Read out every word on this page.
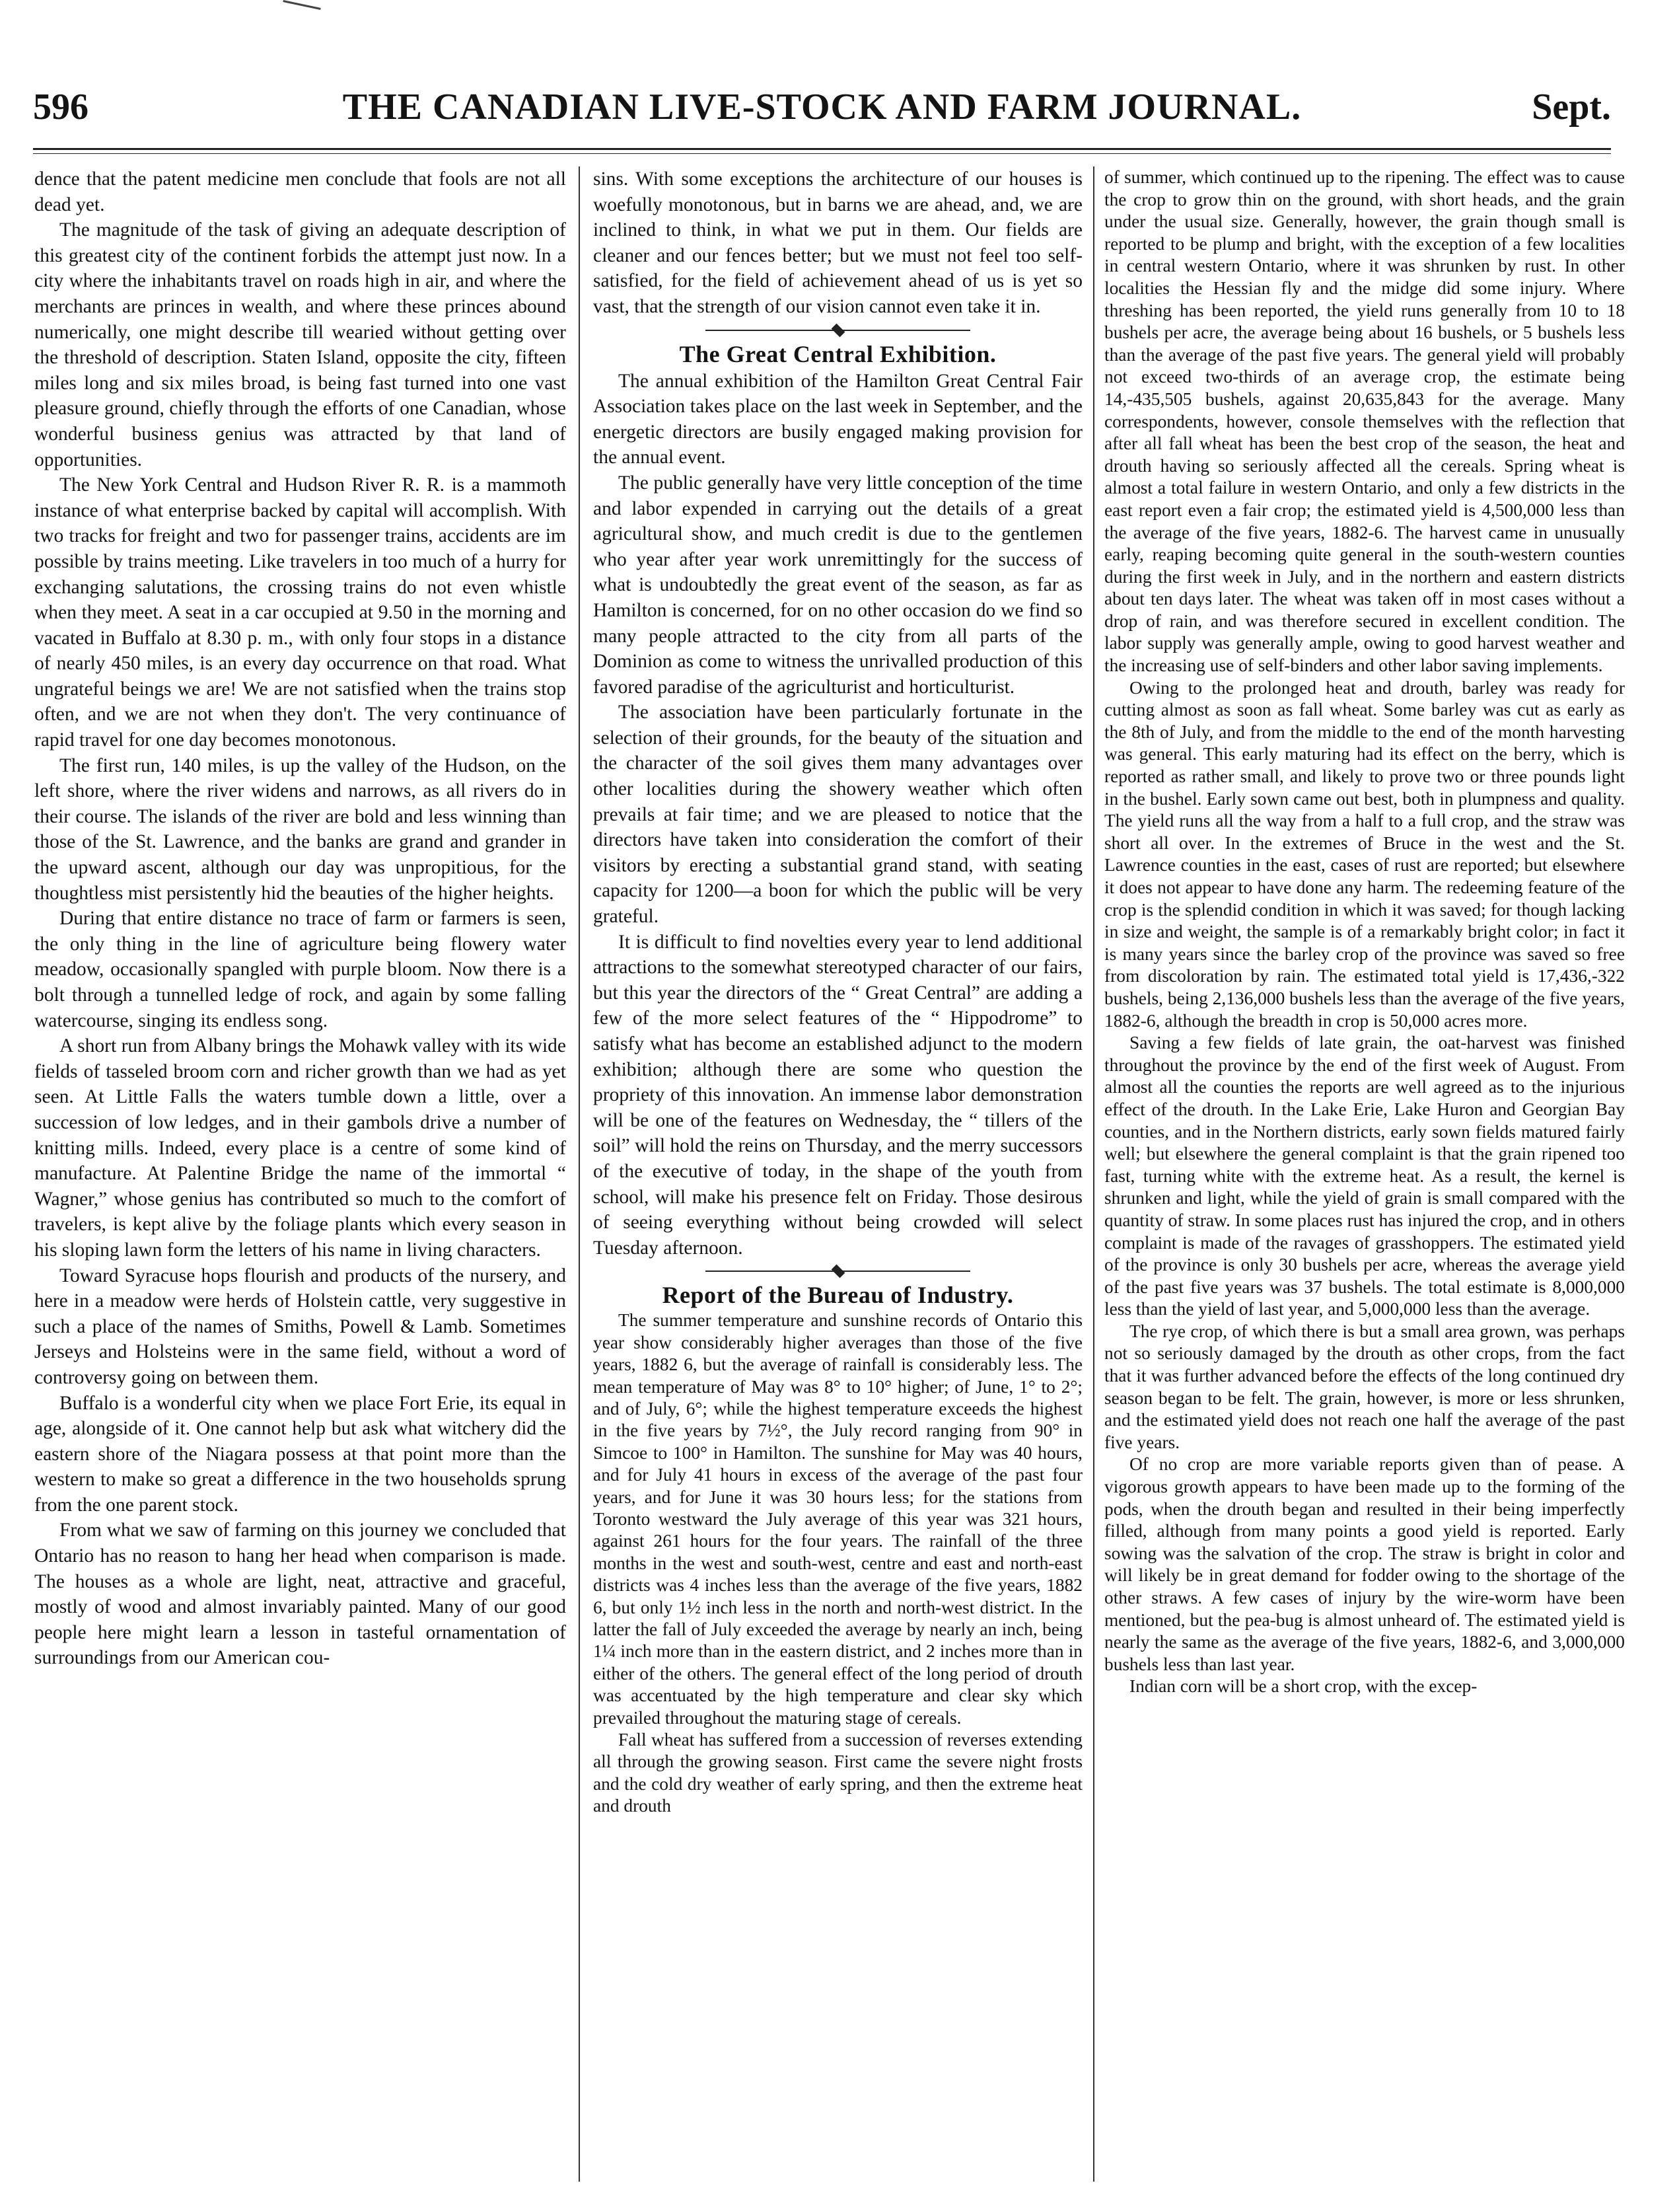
THE CANADIAN LIVE-STOCK AND FARM JOURNAL.
596	Sept.

dence that the patent medicine men conclude that fools are not all dead yet.

The magnitude of the task of giving an adequate description of this greatest city of the continent forbids the attempt just now. In a city where the inhabitants travel on roads high in air, and where the merchants are princes in wealth, and where these princes abound numerically, one might describe till wearied without getting over the threshold of description. Staten Island, opposite the city, fifteen miles long and six miles broad, is being fast turned into one vast pleasure ground, chiefly through the efforts of one Canadian, whose wonderful business genius was attracted by that land of opportunities.

The New York Central and Hudson River R. R. is a mammoth instance of what enterprise backed by capital will accomplish. With two tracks for freight and two for passenger trains, accidents are im possible by trains meeting. Like travelers in too much of a hurry for exchanging salutations, the crossing trains do not even whistle when they meet. A seat in a car occupied at 9.50 in the morning and vacated in Buffalo at 8.30 p. m., with only four stops in a distance of nearly 450 miles, is an every day occurrence on that road. What ungrateful beings we are! We are not satisfied when the trains stop often, and we are not when they don't. The very continuance of rapid travel for one day becomes monotonous.

The first run, 140 miles, is up the valley of the Hudson, on the left shore, where the river widens and narrows, as all rivers do in their course. The islands of the river are bold and less winning than those of the St. Lawrence, and the banks are grand and grander in the upward ascent, although our day was unpropitious, for the thoughtless mist persistently hid the beauties of the higher heights.

During that entire distance no trace of farm or farmers is seen, the only thing in the line of agriculture being flowery water meadow, occasionally spangled with purple bloom. Now there is a bolt through a tunnelled ledge of rock, and again by some falling watercourse, singing its endless song.

A short run from Albany brings the Mohawk valley with its wide fields of tasseled broom corn and richer growth than we had as yet seen. At Little Falls the waters tumble down a little, over a succession of low ledges, and in their gambols drive a number of knitting mills. Indeed, every place is a centre of some kind of manufacture. At Palentine Bridge the name of the immortal “ Wagner,” whose genius has contributed so much to the comfort of travelers, is kept alive by the foliage plants which every season in his sloping lawn form the letters of his name in living characters.

Toward Syracuse hops flourish and products of the nursery, and here in a meadow were herds of Holstein cattle, very suggestive in such a place of the names of Smiths, Powell & Lamb. Sometimes Jerseys and Holsteins were in the same field, without a word of controversy going on between them.

Buffalo is a wonderful city when we place Fort Erie, its equal in age, alongside of it. One cannot help but ask what witchery did the eastern shore of the Niagara possess at that point more than the western to make so great a difference in the two households sprung from the one parent stock.

From what we saw of farming on this journey we concluded that Ontario has no reason to hang her head when comparison is made. The houses as a whole are light, neat, attractive and graceful, mostly of wood and almost invariably painted. Many of our good people here might learn a lesson in tasteful ornamentation of surroundings from our American cou-

sins. With some exceptions the architecture of our houses is woefully monotonous, but in barns we are ahead, and, we are inclined to think, in what we put in them. Our fields are cleaner and our fences better; but we must not feel too self-satisfied, for the field of achievement ahead of us is yet so vast, that the strength of our vision cannot even take it in.

The Great Central Exhibition.

The annual exhibition of the Hamilton Great Central Fair Association takes place on the last week in September, and the energetic directors are busily engaged making provision for the annual event.

The public generally have very little conception of the time and labor expended in carrying out the details of a great agricultural show, and much credit is due to the gentlemen who year after year work unremittingly for the success of what is undoubtedly the great event of the season, as far as Hamilton is concerned, for on no other occasion do we find so many people attracted to the city from all parts of the Dominion as come to witness the unrivalled production of this favored paradise of the agriculturist and horticulturist.

The association have been particularly fortunate in the selection of their grounds, for the beauty of the situation and the character of the soil gives them many advantages over other localities during the showery weather which often prevails at fair time; and we are pleased to notice that the directors have taken into consideration the comfort of their visitors by erecting a substantial grand stand, with seating capacity for 1200—a boon for which the public will be very grateful.

It is difficult to find novelties every year to lend additional attractions to the somewhat stereotyped character of our fairs, but this year the directors of the “ Great Central” are adding a few of the more select features of the “ Hippodrome” to satisfy what has become an established adjunct to the modern exhibition; although there are some who question the propriety of this innovation. An immense labor demonstration will be one of the features on Wednesday, the “ tillers of the soil” will hold the reins on Thursday, and the merry successors of the executive of today, in the shape of the youth from school, will make his presence felt on Friday. Those desirous of seeing everything without being crowded will select Tuesday afternoon.

Report of the Bureau of Industry.

The summer temperature and sunshine records of Ontario this year show considerably higher averages than those of the five years, 1882 6, but the average of rainfall is considerably less. The mean temperature of May was 8° to 10° higher; of June, 1° to 2°; and of July, 6°; while the highest temperature exceeds the highest in the five years by 7½°, the July record ranging from 90° in Simcoe to 100° in Hamilton. The sunshine for May was 40 hours, and for July 41 hours in excess of the average of the past four years, and for June it was 30 hours less; for the stations from Toronto westward the July average of this year was 321 hours, against 261 hours for the four years. The rainfall of the three months in the west and south-west, centre and east and north-east districts was 4 inches less than the average of the five years, 1882 6, but only 1½ inch less in the north and north-west district. In the latter the fall of July exceeded the average by nearly an inch, being 1¼ inch more than in the eastern district, and 2 inches more than in either of the others. The general effect of the long period of drouth was accentuated by the high temperature and clear sky which prevailed throughout the maturing stage of cereals.

Fall wheat has suffered from a succession of reverses extending all through the growing season. First came the severe night frosts and the cold dry weather of early spring, and then the extreme heat and drouth

of summer, which continued up to the ripening. The effect was to cause the crop to grow thin on the ground, with short heads, and the grain under the usual size. Generally, however, the grain though small is reported to be plump and bright, with the exception of a few localities in central western Ontario, where it was shrunken by rust. In other localities the Hessian fly and the midge did some injury. Where threshing has been reported, the yield runs generally from 10 to 18 bushels per acre, the average being about 16 bushels, or 5 bushels less than the average of the past five years. The general yield will probably not exceed two-thirds of an average crop, the estimate being 14,-435,505 bushels, against 20,635,843 for the average. Many correspondents, however, console themselves with the reflection that after all fall wheat has been the best crop of the season, the heat and drouth having so seriously affected all the cereals. Spring wheat is almost a total failure in western Ontario, and only a few districts in the east report even a fair crop; the estimated yield is 4,500,000 less than the average of the five years, 1882-6. The harvest came in unusually early, reaping becoming quite general in the south-western counties during the first week in July, and in the northern and eastern districts about ten days later. The wheat was taken off in most cases without a drop of rain, and was therefore secured in excellent condition. The labor supply was generally ample, owing to good harvest weather and the increasing use of self-binders and other labor saving implements.

Owing to the prolonged heat and drouth, barley was ready for cutting almost as soon as fall wheat. Some barley was cut as early as the 8th of July, and from the middle to the end of the month harvesting was general. This early maturing had its effect on the berry, which is reported as rather small, and likely to prove two or three pounds light in the bushel. Early sown came out best, both in plumpness and quality. The yield runs all the way from a half to a full crop, and the straw was short all over. In the extremes of Bruce in the west and the St. Lawrence counties in the east, cases of rust are reported; but elsewhere it does not appear to have done any harm. The redeeming feature of the crop is the splendid condition in which it was saved; for though lacking in size and weight, the sample is of a remarkably bright color; in fact it is many years since the barley crop of the province was saved so free from discoloration by rain. The estimated total yield is 17,436,-322 bushels, being 2,136,000 bushels less than the average of the five years, 1882-6, although the breadth in crop is 50,000 acres more.

Saving a few fields of late grain, the oat-harvest was finished throughout the province by the end of the first week of August. From almost all the counties the reports are well agreed as to the injurious effect of the drouth. In the Lake Erie, Lake Huron and Georgian Bay counties, and in the Northern districts, early sown fields matured fairly well; but elsewhere the general complaint is that the grain ripened too fast, turning white with the extreme heat. As a result, the kernel is shrunken and light, while the yield of grain is small compared with the quantity of straw. In some places rust has injured the crop, and in others complaint is made of the ravages of grasshoppers. The estimated yield of the province is only 30 bushels per acre, whereas the average yield of the past five years was 37 bushels. The total estimate is 8,000,000 less than the yield of last year, and 5,000,000 less than the average.

The rye crop, of which there is but a small area grown, was perhaps not so seriously damaged by the drouth as other crops, from the fact that it was further advanced before the effects of the long continued dry season began to be felt. The grain, however, is more or less shrunken, and the estimated yield does not reach one half the average of the past five years.

Of no crop are more variable reports given than of pease. A vigorous growth appears to have been made up to the forming of the pods, when the drouth began and resulted in their being imperfectly filled, although from many points a good yield is reported. Early sowing was the salvation of the crop. The straw is bright in color and will likely be in great demand for fodder owing to the shortage of the other straws. A few cases of injury by the wire-worm have been mentioned, but the pea-bug is almost unheard of. The estimated yield is nearly the same as the average of the five years, 1882-6, and 3,000,000 bushels less than last year.

Indian corn will be a short crop, with the excep-
